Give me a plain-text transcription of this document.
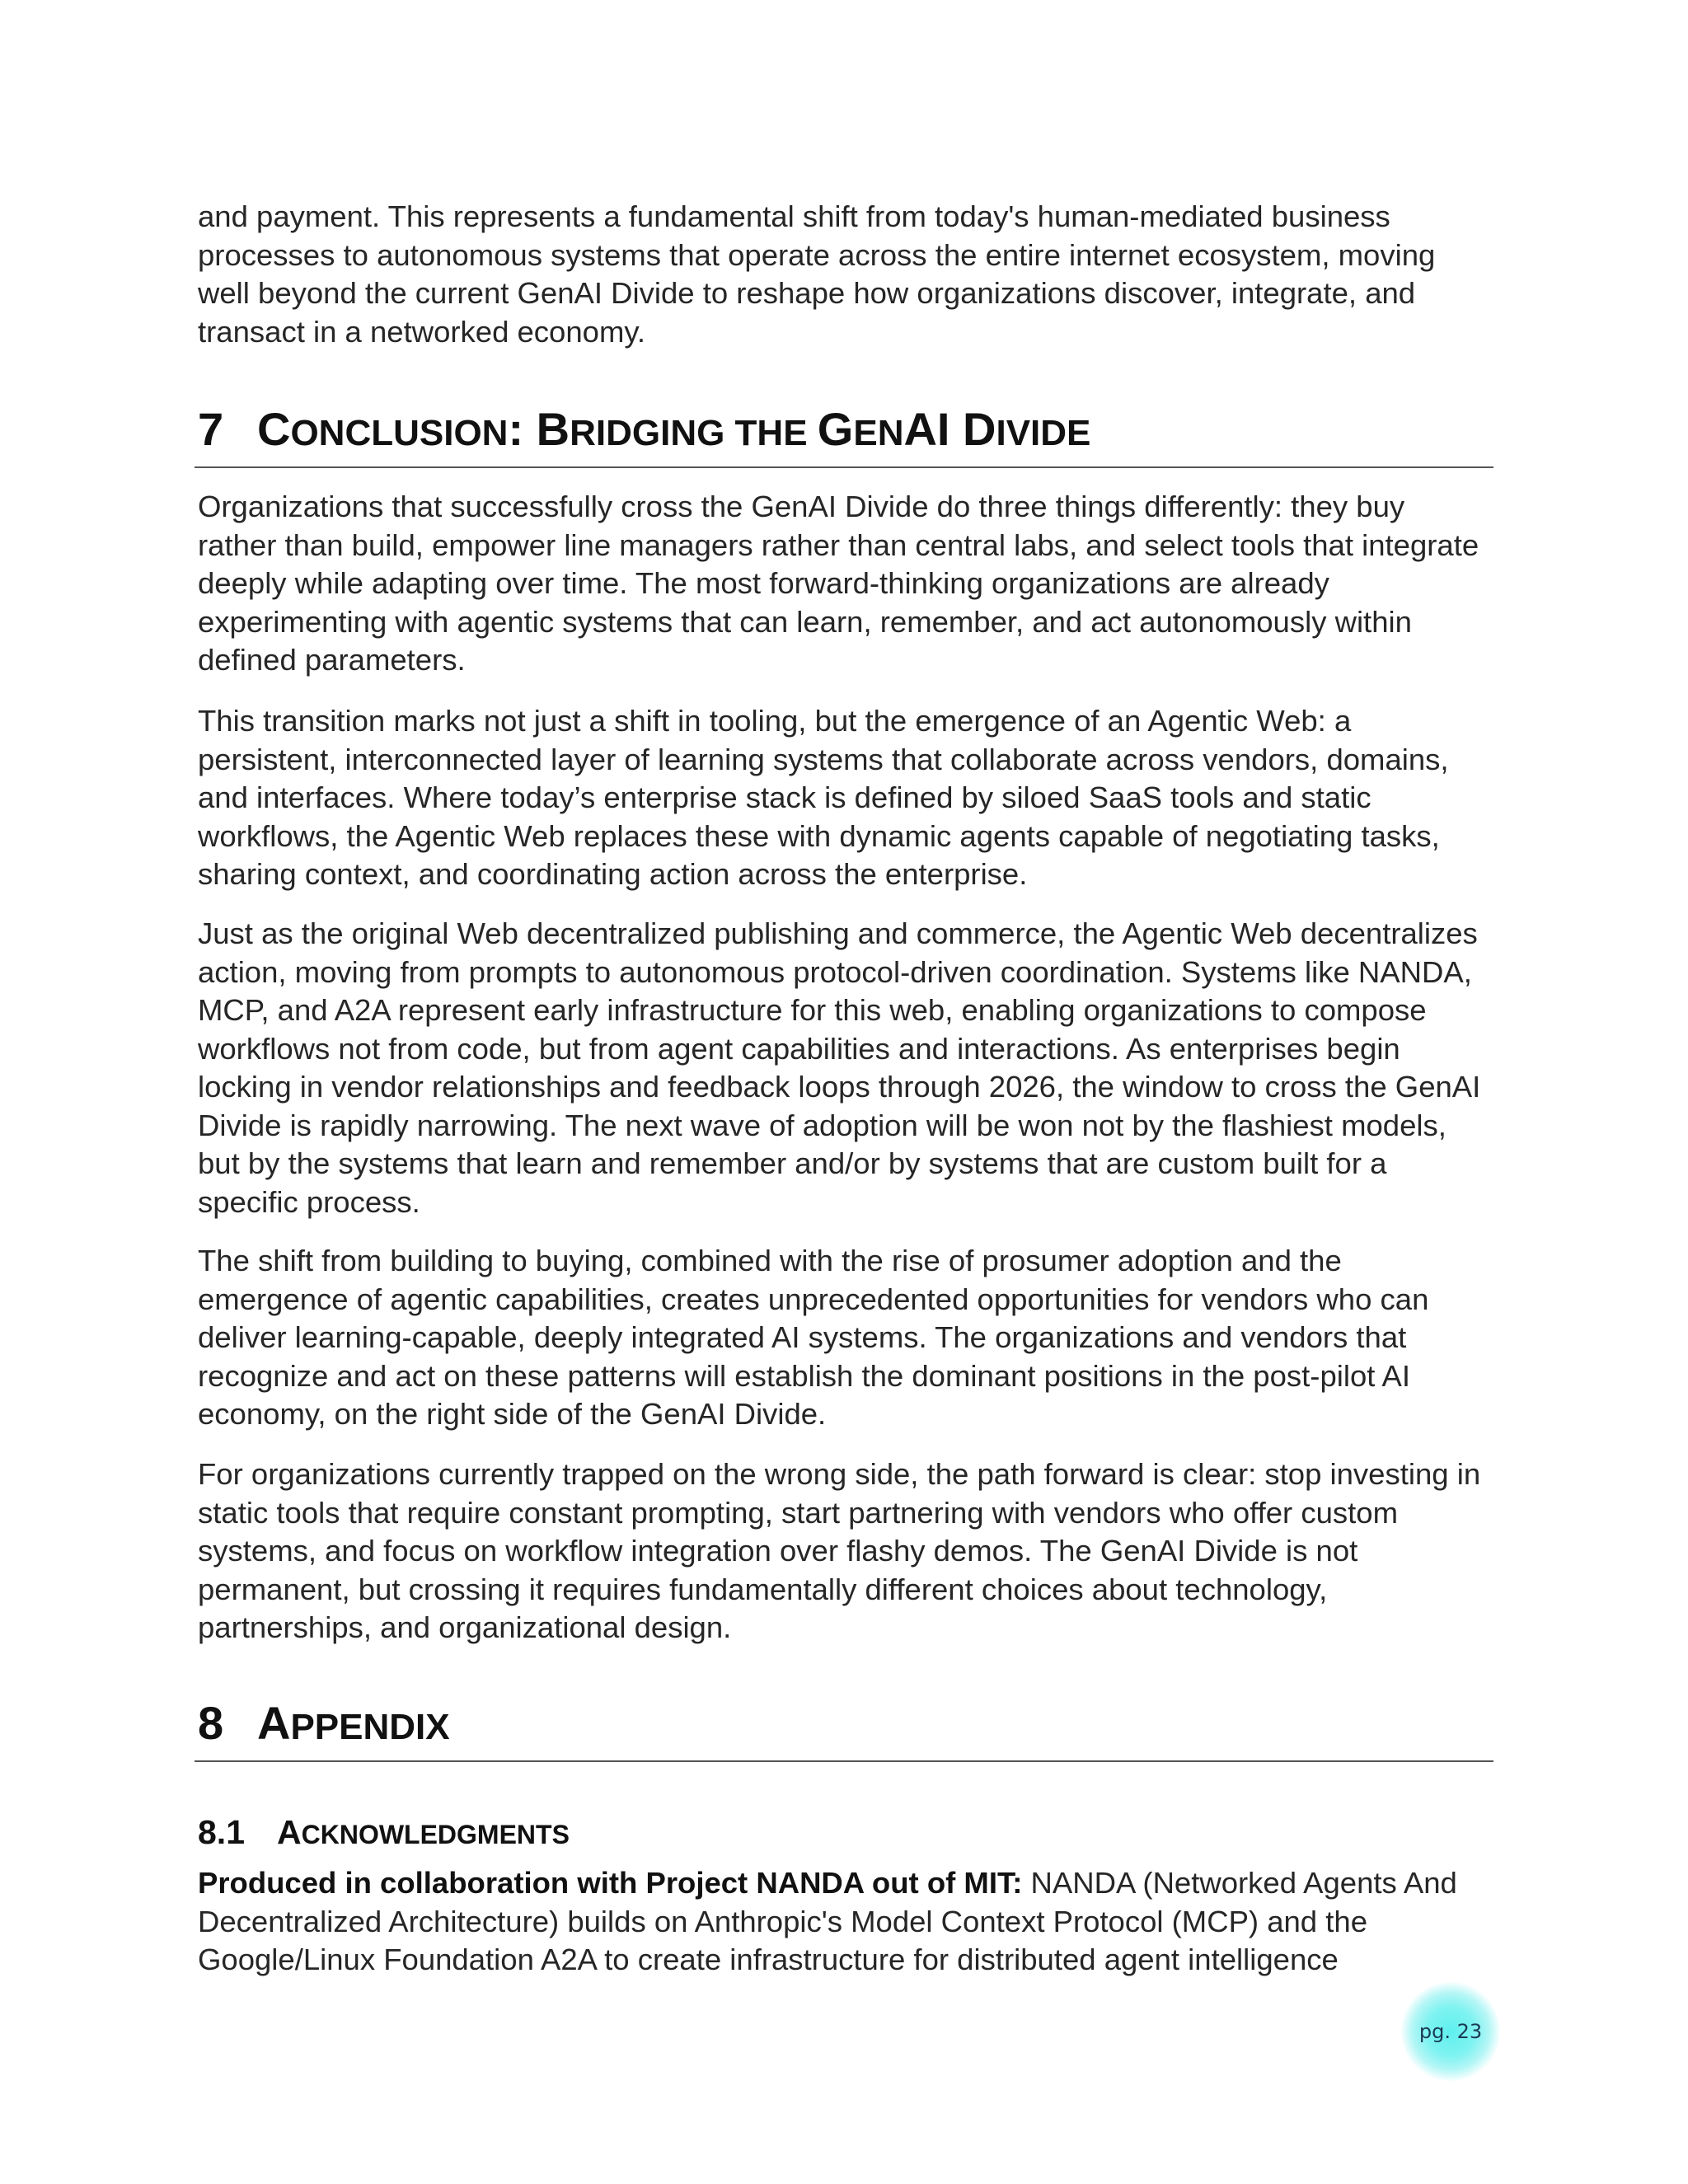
and payment. This represents a fundamental shift from today's human-mediated business processes to autonomous systems that operate across the entire internet ecosystem, moving well beyond the current GenAI Divide to reshape how organizations discover, integrate, and transact in a networked economy.

7 CONCLUSION: BRIDGING THE GENAI DIVIDE

Organizations that successfully cross the GenAI Divide do three things differently: they buy rather than build, empower line managers rather than central labs, and select tools that integrate deeply while adapting over time. The most forward-thinking organizations are already experimenting with agentic systems that can learn, remember, and act autonomously within defined parameters.

This transition marks not just a shift in tooling, but the emergence of an Agentic Web: a persistent, interconnected layer of learning systems that collaborate across vendors, domains, and interfaces. Where today’s enterprise stack is defined by siloed SaaS tools and static workflows, the Agentic Web replaces these with dynamic agents capable of negotiating tasks, sharing context, and coordinating action across the enterprise.

Just as the original Web decentralized publishing and commerce, the Agentic Web decentralizes action, moving from prompts to autonomous protocol-driven coordination. Systems like NANDA, MCP, and A2A represent early infrastructure for this web, enabling organizations to compose workflows not from code, but from agent capabilities and interactions. As enterprises begin locking in vendor relationships and feedback loops through 2026, the window to cross the GenAI Divide is rapidly narrowing. The next wave of adoption will be won not by the flashiest models, but by the systems that learn and remember and/or by systems that are custom built for a specific process.

The shift from building to buying, combined with the rise of prosumer adoption and the emergence of agentic capabilities, creates unprecedented opportunities for vendors who can deliver learning-capable, deeply integrated AI systems. The organizations and vendors that recognize and act on these patterns will establish the dominant positions in the post-pilot AI economy, on the right side of the GenAI Divide.

For organizations currently trapped on the wrong side, the path forward is clear: stop investing in static tools that require constant prompting, start partnering with vendors who offer custom systems, and focus on workflow integration over flashy demos. The GenAI Divide is not permanent, but crossing it requires fundamentally different choices about technology, partnerships, and organizational design.

8 APPENDIX
8.1 ACKNOWLEDGMENTS

Produced in collaboration with Project NANDA out of MIT: NANDA (Networked Agents And Decentralized Architecture) builds on Anthropic's Model Context Protocol (MCP) and the Google/Linux Foundation A2A to create infrastructure for distributed agent intelligence

pg. 23
